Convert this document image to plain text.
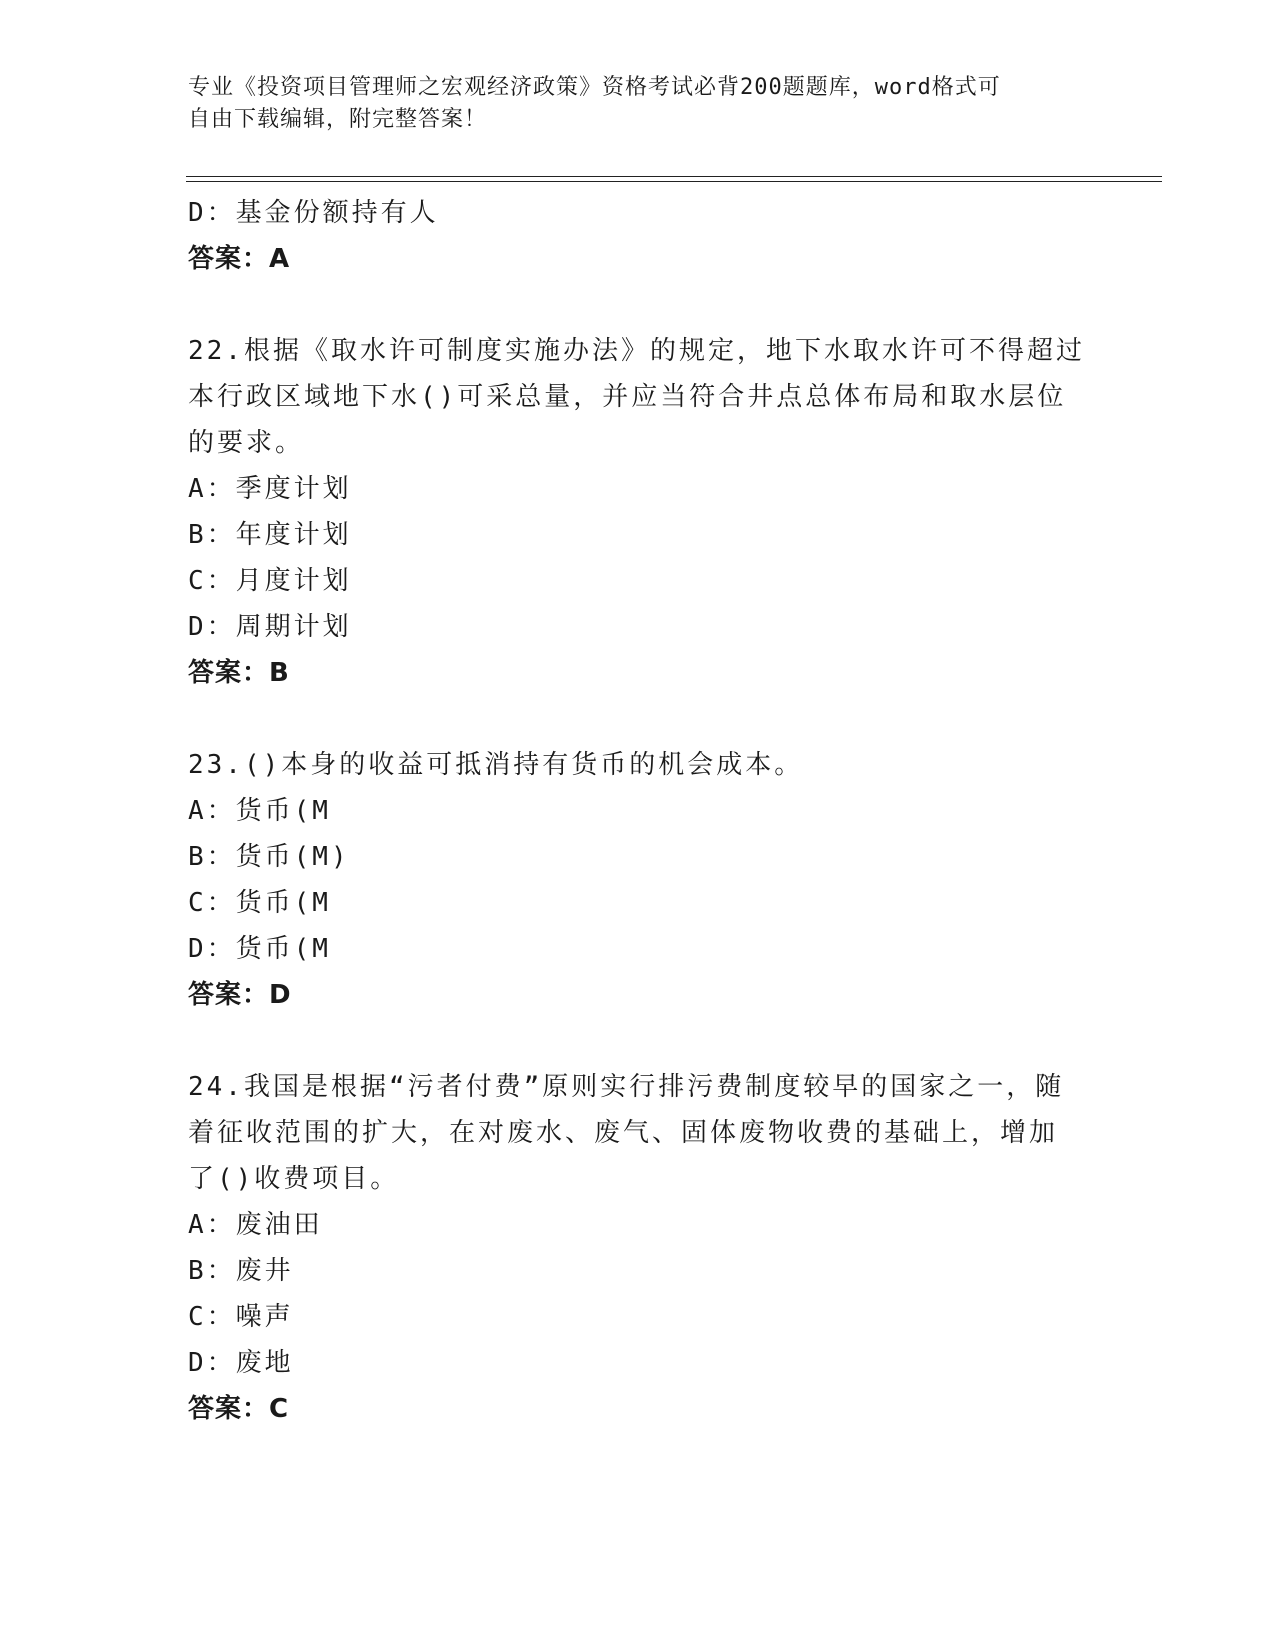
专业《投资项目管理师之宏观经济政策》资格考试必背200题题库，word格式可
自由下载编辑，附完整答案！
D：基金份额持有人
答案：A
22.根据《取水许可制度实施办法》的规定，地下水取水许可不得超过
本行政区域地下水()可采总量，并应当符合井点总体布局和取水层位
的要求。
A：季度计划
B：年度计划
C：月度计划
D：周期计划
答案：B
23.()本身的收益可抵消持有货币的机会成本。
A：货币(M
B：货币(M)
C：货币(M
D：货币(M
答案：D
24.我国是根据“污者付费”原则实行排污费制度较早的国家之一，随
着征收范围的扩大，在对废水、废气、固体废物收费的基础上，增加
了()收费项目。
A：废油田
B：废井
C：噪声
D：废地
答案：C
